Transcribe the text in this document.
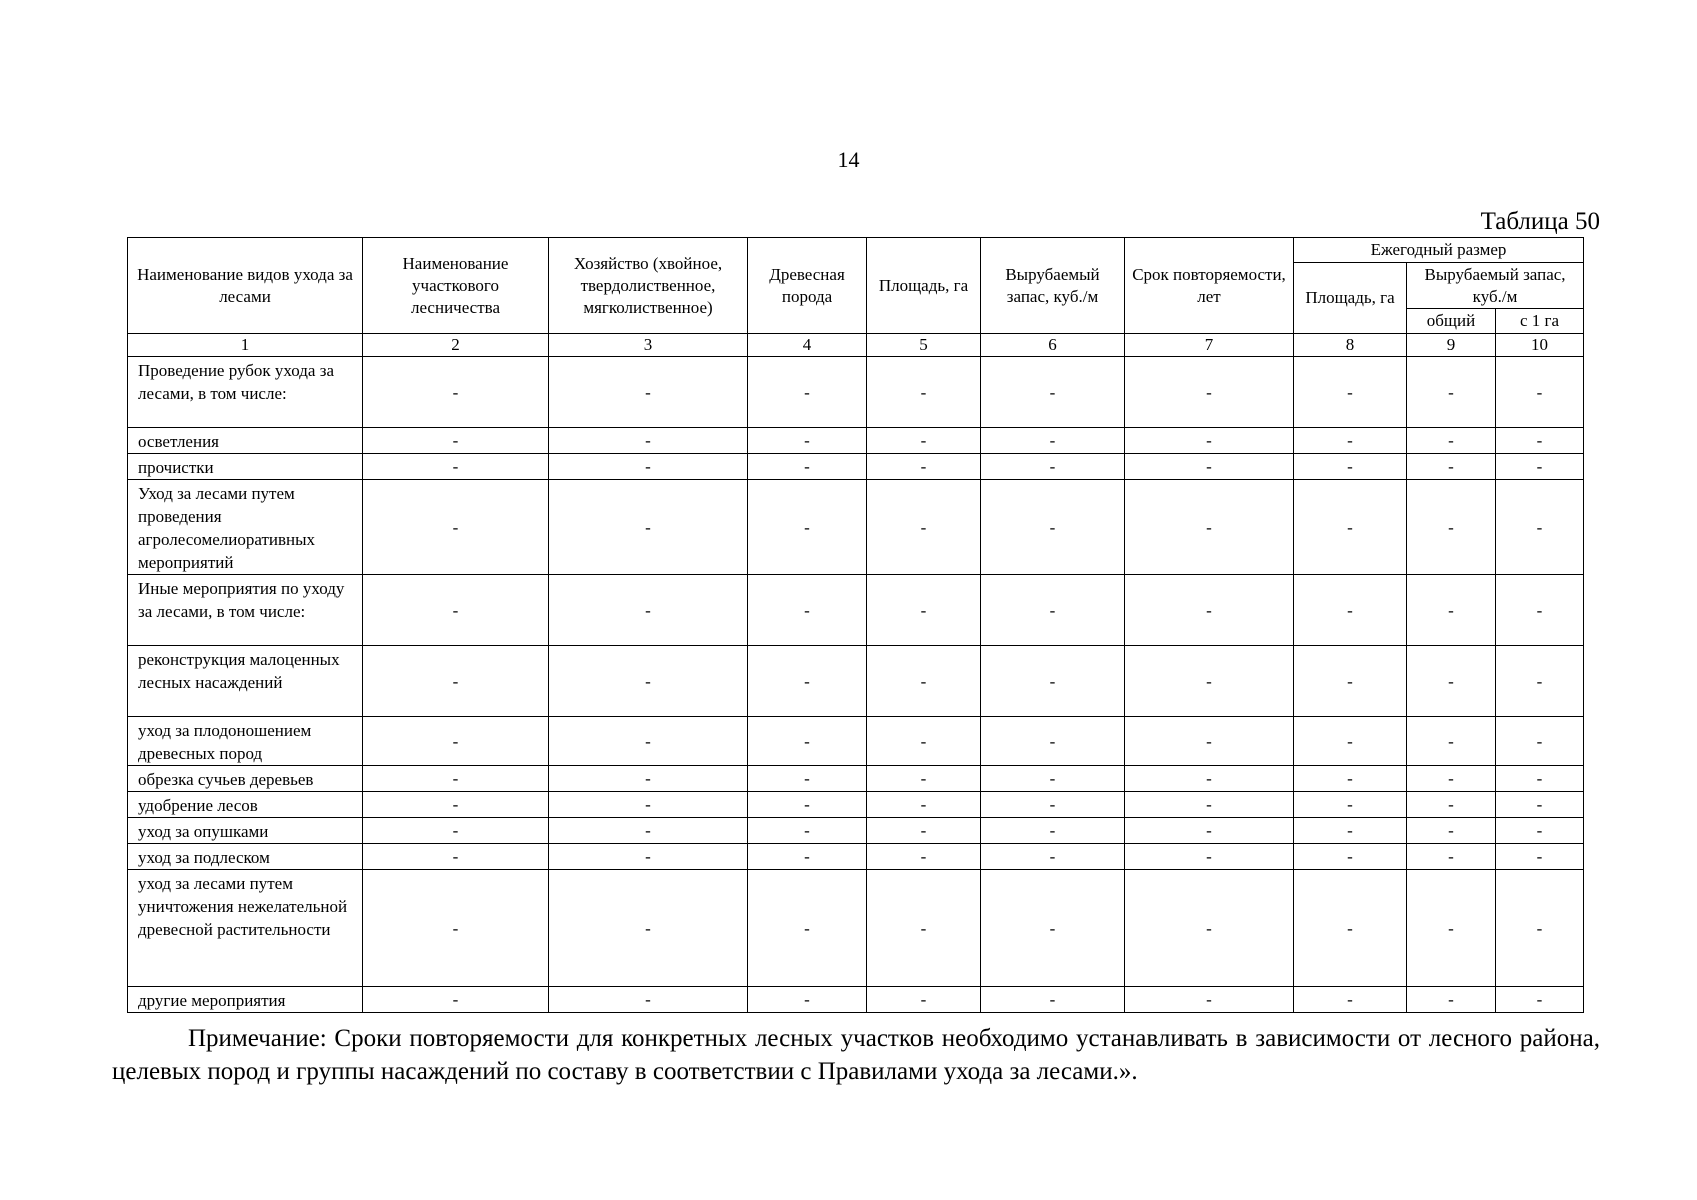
14
Таблица 50
Наименование видов ухода за лесами	Наименование участкового лесничества	Хозяйство (хвойное, твердолиственное, мягколиственное)	Древесная порода	Площадь, га	Вырубаемый запас, куб./м	Срок повторяемости, лет	Ежегодный размер		
							Площадь, га	Вырубаемый запас, куб./м	
								общий	с 1 га
1	2	3	4	5	6	7	8	9	10
Проведение рубок ухода за лесами, в том числе:	-	-	-	-	-	-	-	-	-
осветления	-	-	-	-	-	-	-	-	-
прочистки	-	-	-	-	-	-	-	-	-
Уход за лесами путем проведения агролесомелиоративных мероприятий	-	-	-	-	-	-	-	-	-
Иные мероприятия по уходу за лесами, в том числе:	-	-	-	-	-	-	-	-	-
реконструкция малоценных лесных насаждений	-	-	-	-	-	-	-	-	-
уход за плодоношением древесных пород	-	-	-	-	-	-	-	-	-
обрезка сучьев деревьев	-	-	-	-	-	-	-	-	-
удобрение лесов	-	-	-	-	-	-	-	-	-
уход за опушками	-	-	-	-	-	-	-	-	-
уход за подлеском	-	-	-	-	-	-	-	-	-
уход за лесами путем уничтожения нежелательной древесной растительности	-	-	-	-	-	-	-	-	-
другие мероприятия	-	-	-	-	-	-	-	-	-
Примечание: Сроки повторяемости для конкретных лесных участков необходимо устанавливать в зависимости от лесного района, целевых пород и группы насаждений по составу в соответствии с Правилами ухода за лесами.».
